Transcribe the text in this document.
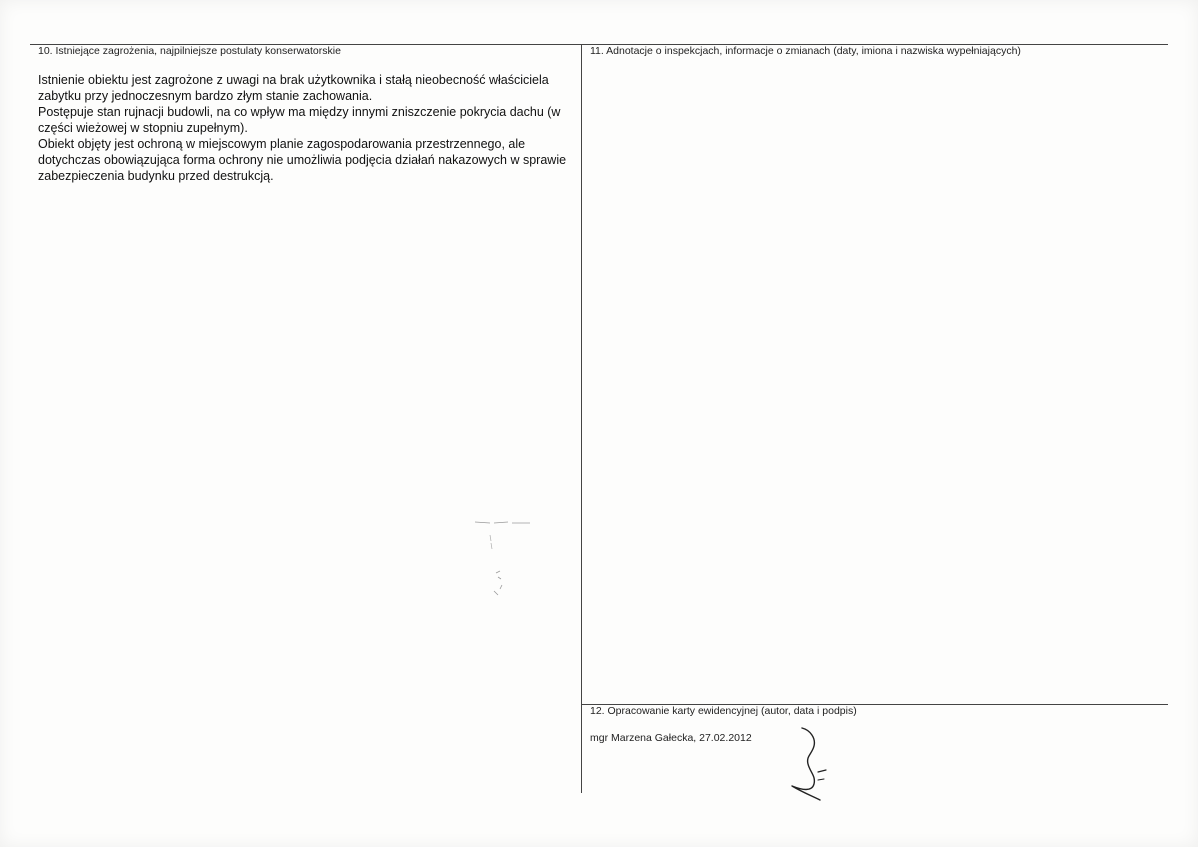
10. Istniejące zagrożenia, najpilniejsze postulaty konserwatorskie

Istnienie obiektu jest zagrożone z uwagi na brak użytkownika i stałą nieobecność właściciela zabytku przy jednoczesnym bardzo złym stanie zachowania.

Postępuje stan rujnacji budowli, na co wpływ ma między innymi zniszczenie pokrycia dachu (w części wieżowej w stopniu zupełnym).

Obiekt objęty jest ochroną w miejscowym planie zagospodarowania przestrzennego, ale dotychczas obowiązująca forma ochrony nie umożliwia podjęcia działań nakazowych w sprawie zabezpieczenia budynku przed destrukcją.

11. Adnotacje o inspekcjach, informacje o zmianach (daty, imiona i nazwiska wypełniających)
12. Opracowanie karty ewidencyjnej (autor, data i podpis)
mgr Marzena Gałecka, 27.02.2012
